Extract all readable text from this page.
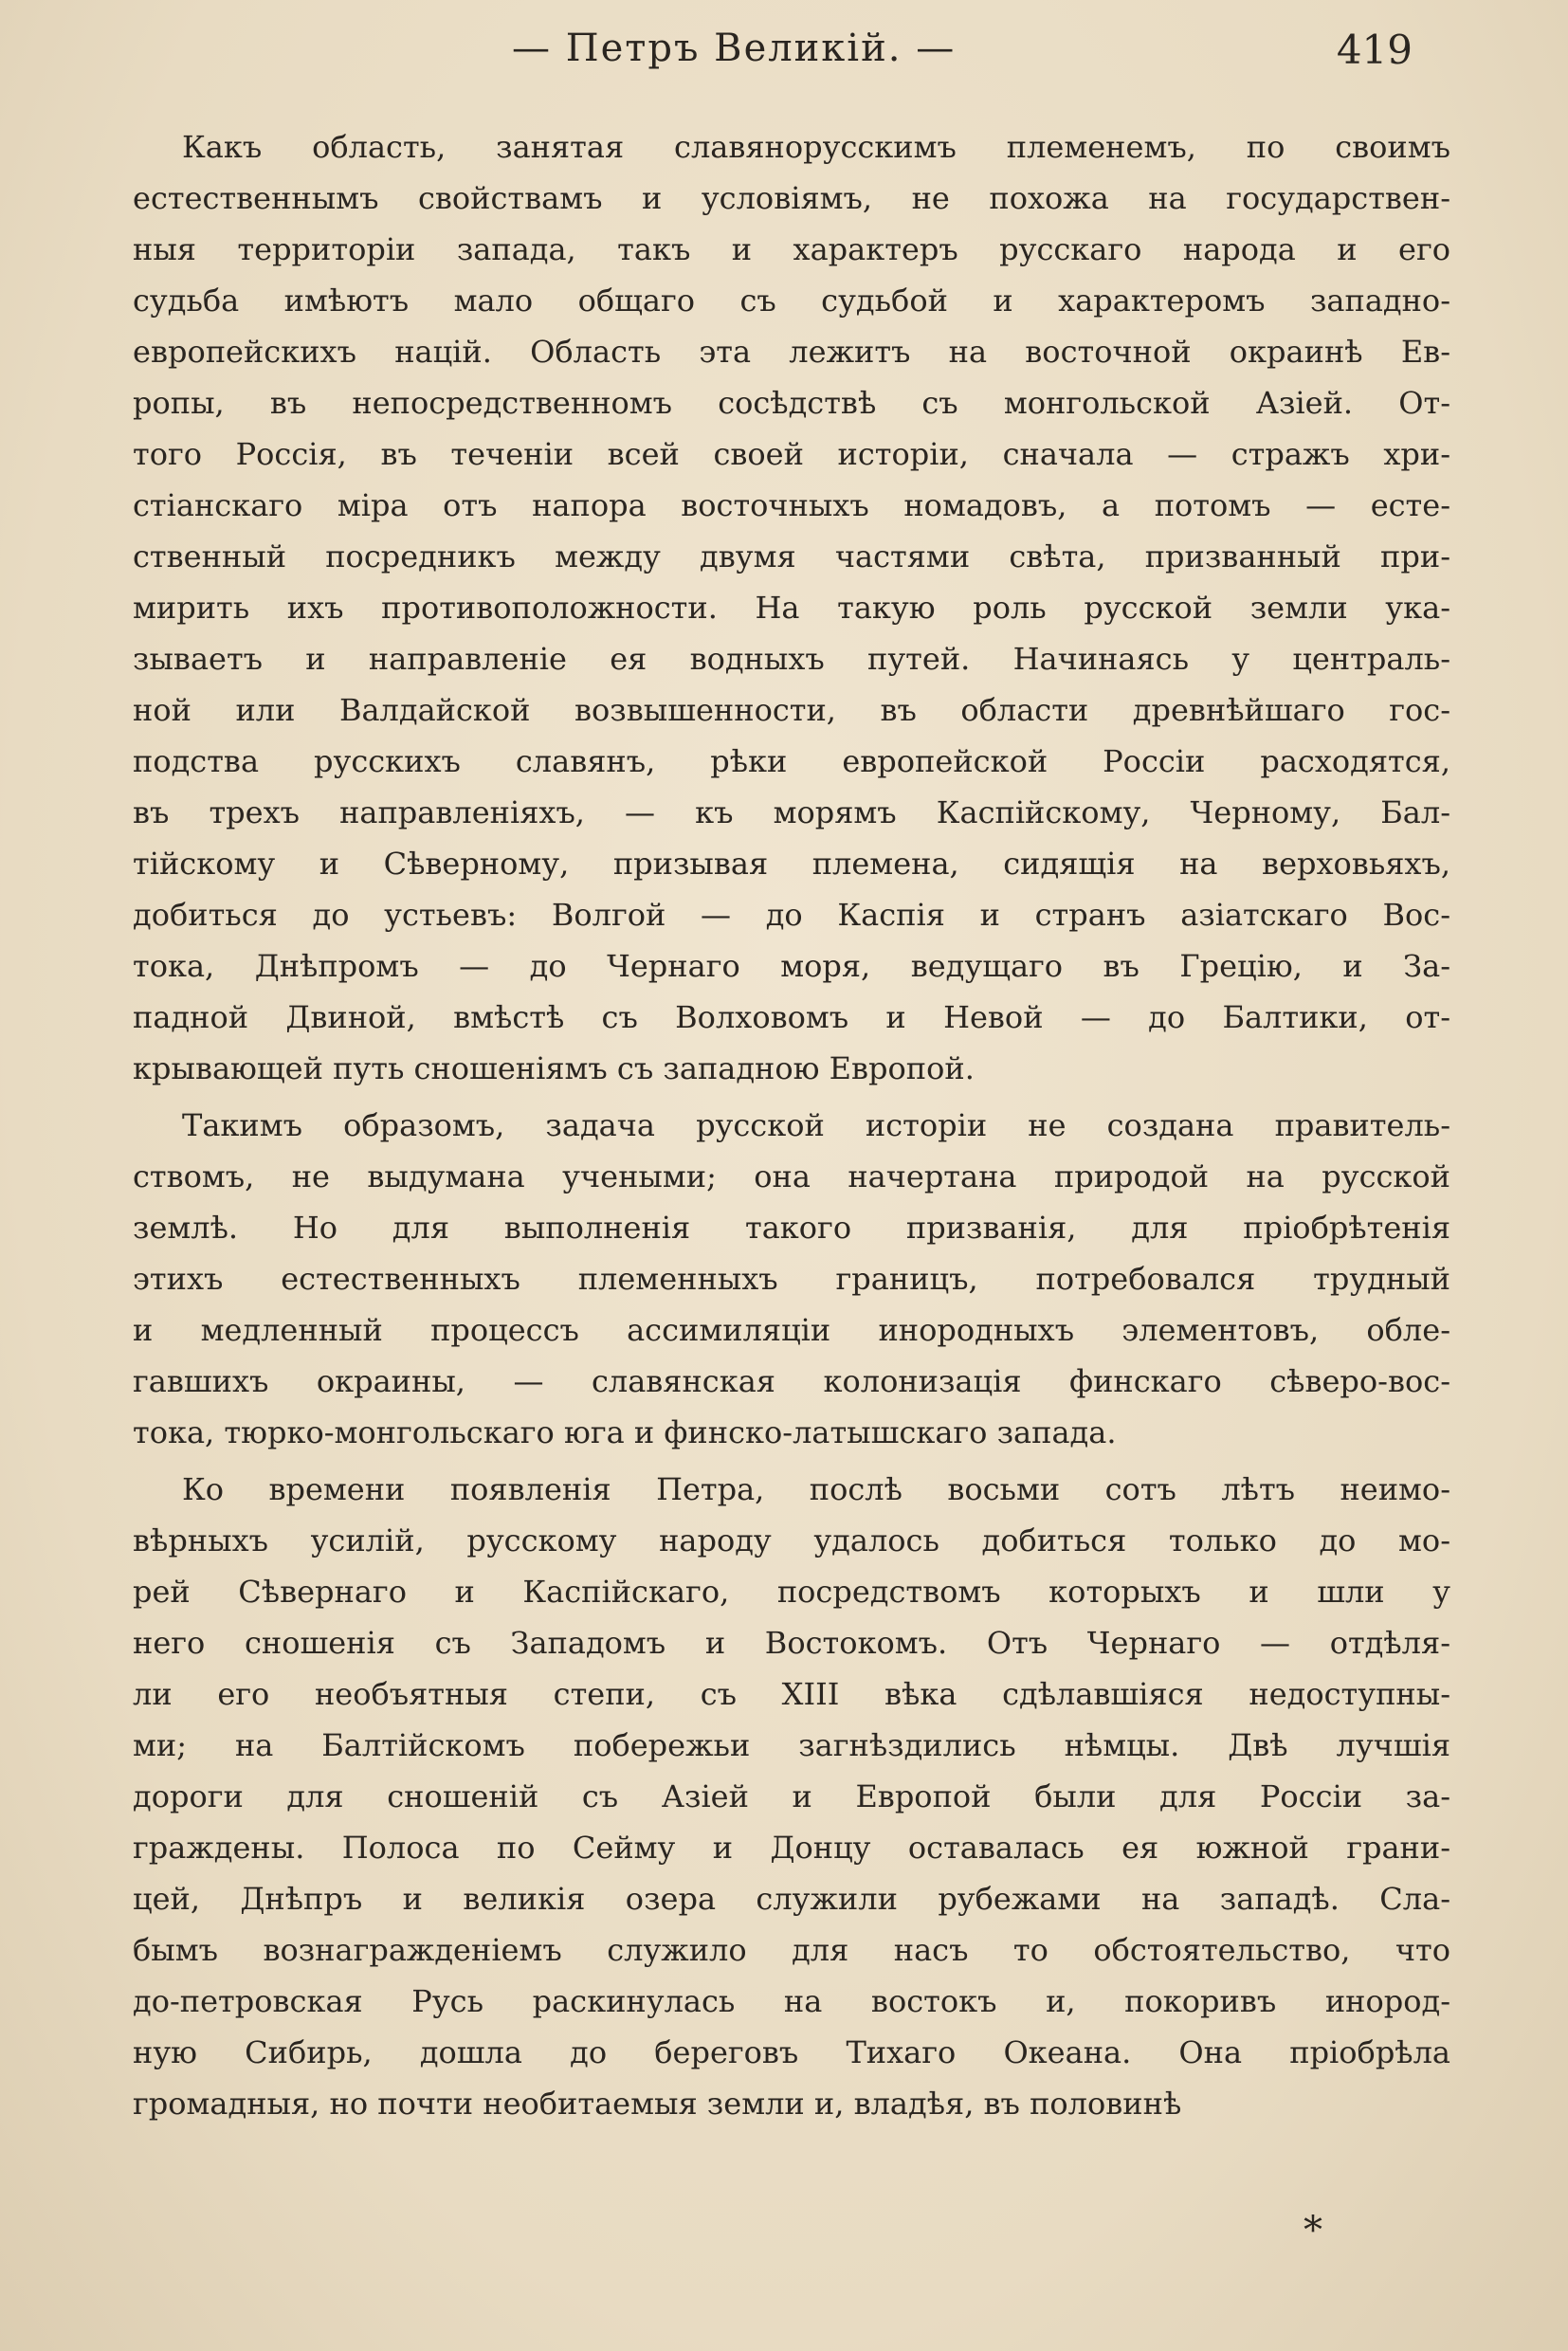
— Петръ Великій. —	419
Какъ область, занятая славянорусскимъ племенемъ, по своимъ
естественнымъ свойствамъ и условіямъ, не похожа на государствен-
ныя территоріи запада, такъ и характеръ русскаго народа и его
судьба имѣютъ мало общаго съ судьбой и характеромъ западно-
европейскихъ націй. Область эта лежитъ на восточной окраинѣ Ев-
ропы, въ непосредственномъ сосѣдствѣ съ монгольской Азіей. От-
того Россія, въ теченіи всей своей исторіи, сначала — стражъ хри-
стіанскаго міра отъ напора восточныхъ номадовъ, а потомъ — есте-
ственный посредникъ между двумя частями свѣта, призванный при-
мирить ихъ противоположности. На такую роль русской земли ука-
зываетъ и направленіе ея водныхъ путей. Начинаясь у централь-
ной или Валдайской возвышенности, въ области древнѣйшаго гос-
подства русскихъ славянъ, рѣки европейской Россіи расходятся,
въ трехъ направленіяхъ, — къ морямъ Каспійскому, Черному, Бал-
тійскому и Сѣверному, призывая племена, сидящія на верховьяхъ,
добиться до устьевъ: Волгой — до Каспія и странъ азіатскаго Вос-
тока, Днѣпромъ — до Чернаго моря, ведущаго въ Грецію, и За-
падной Двиной, вмѣстѣ съ Волховомъ и Невой — до Балтики, от-
крывающей путь сношеніямъ съ западною Европой.
Такимъ образомъ, задача русской исторіи не создана правитель-
ствомъ, не выдумана учеными; она начертана природой на русской
землѣ. Но для выполненія такого призванія, для пріобрѣтенія
этихъ естественныхъ племенныхъ границъ, потребовался трудный
и медленный процессъ ассимиляціи инородныхъ элементовъ, обле-
гавшихъ окраины, — славянская колонизація финскаго сѣверо-вос-
тока, тюрко-монгольскаго юга и финско-латышскаго запада.
Ко времени появленія Петра, послѣ восьми сотъ лѣтъ неимо-
вѣрныхъ усилій, русскому народу удалось добиться только до мо-
рей Сѣвернаго и Каспійскаго, посредствомъ которыхъ и шли у
него сношенія съ Западомъ и Востокомъ. Отъ Чернаго — отдѣля-
ли его необъятныя степи, съ XIII вѣка сдѣлавшіяся недоступны-
ми; на Балтійскомъ побережьи загнѣздились нѣмцы. Двѣ лучшія
дороги для сношеній съ Азіей и Европой были для Россіи за-
граждены. Полоса по Сейму и Донцу оставалась ея южной грани-
цей, Днѣпръ и великія озера служили рубежами на западѣ. Сла-
бымъ вознагражденіемъ служило для насъ то обстоятельство, что
до-петровская Русь раскинулась на востокъ и, покоривъ инород-
ную Сибирь, дошла до береговъ Тихаго Океана. Она пріобрѣла
громадныя, но почти необитаемыя земли и, владѣя, въ половинѣ
*
